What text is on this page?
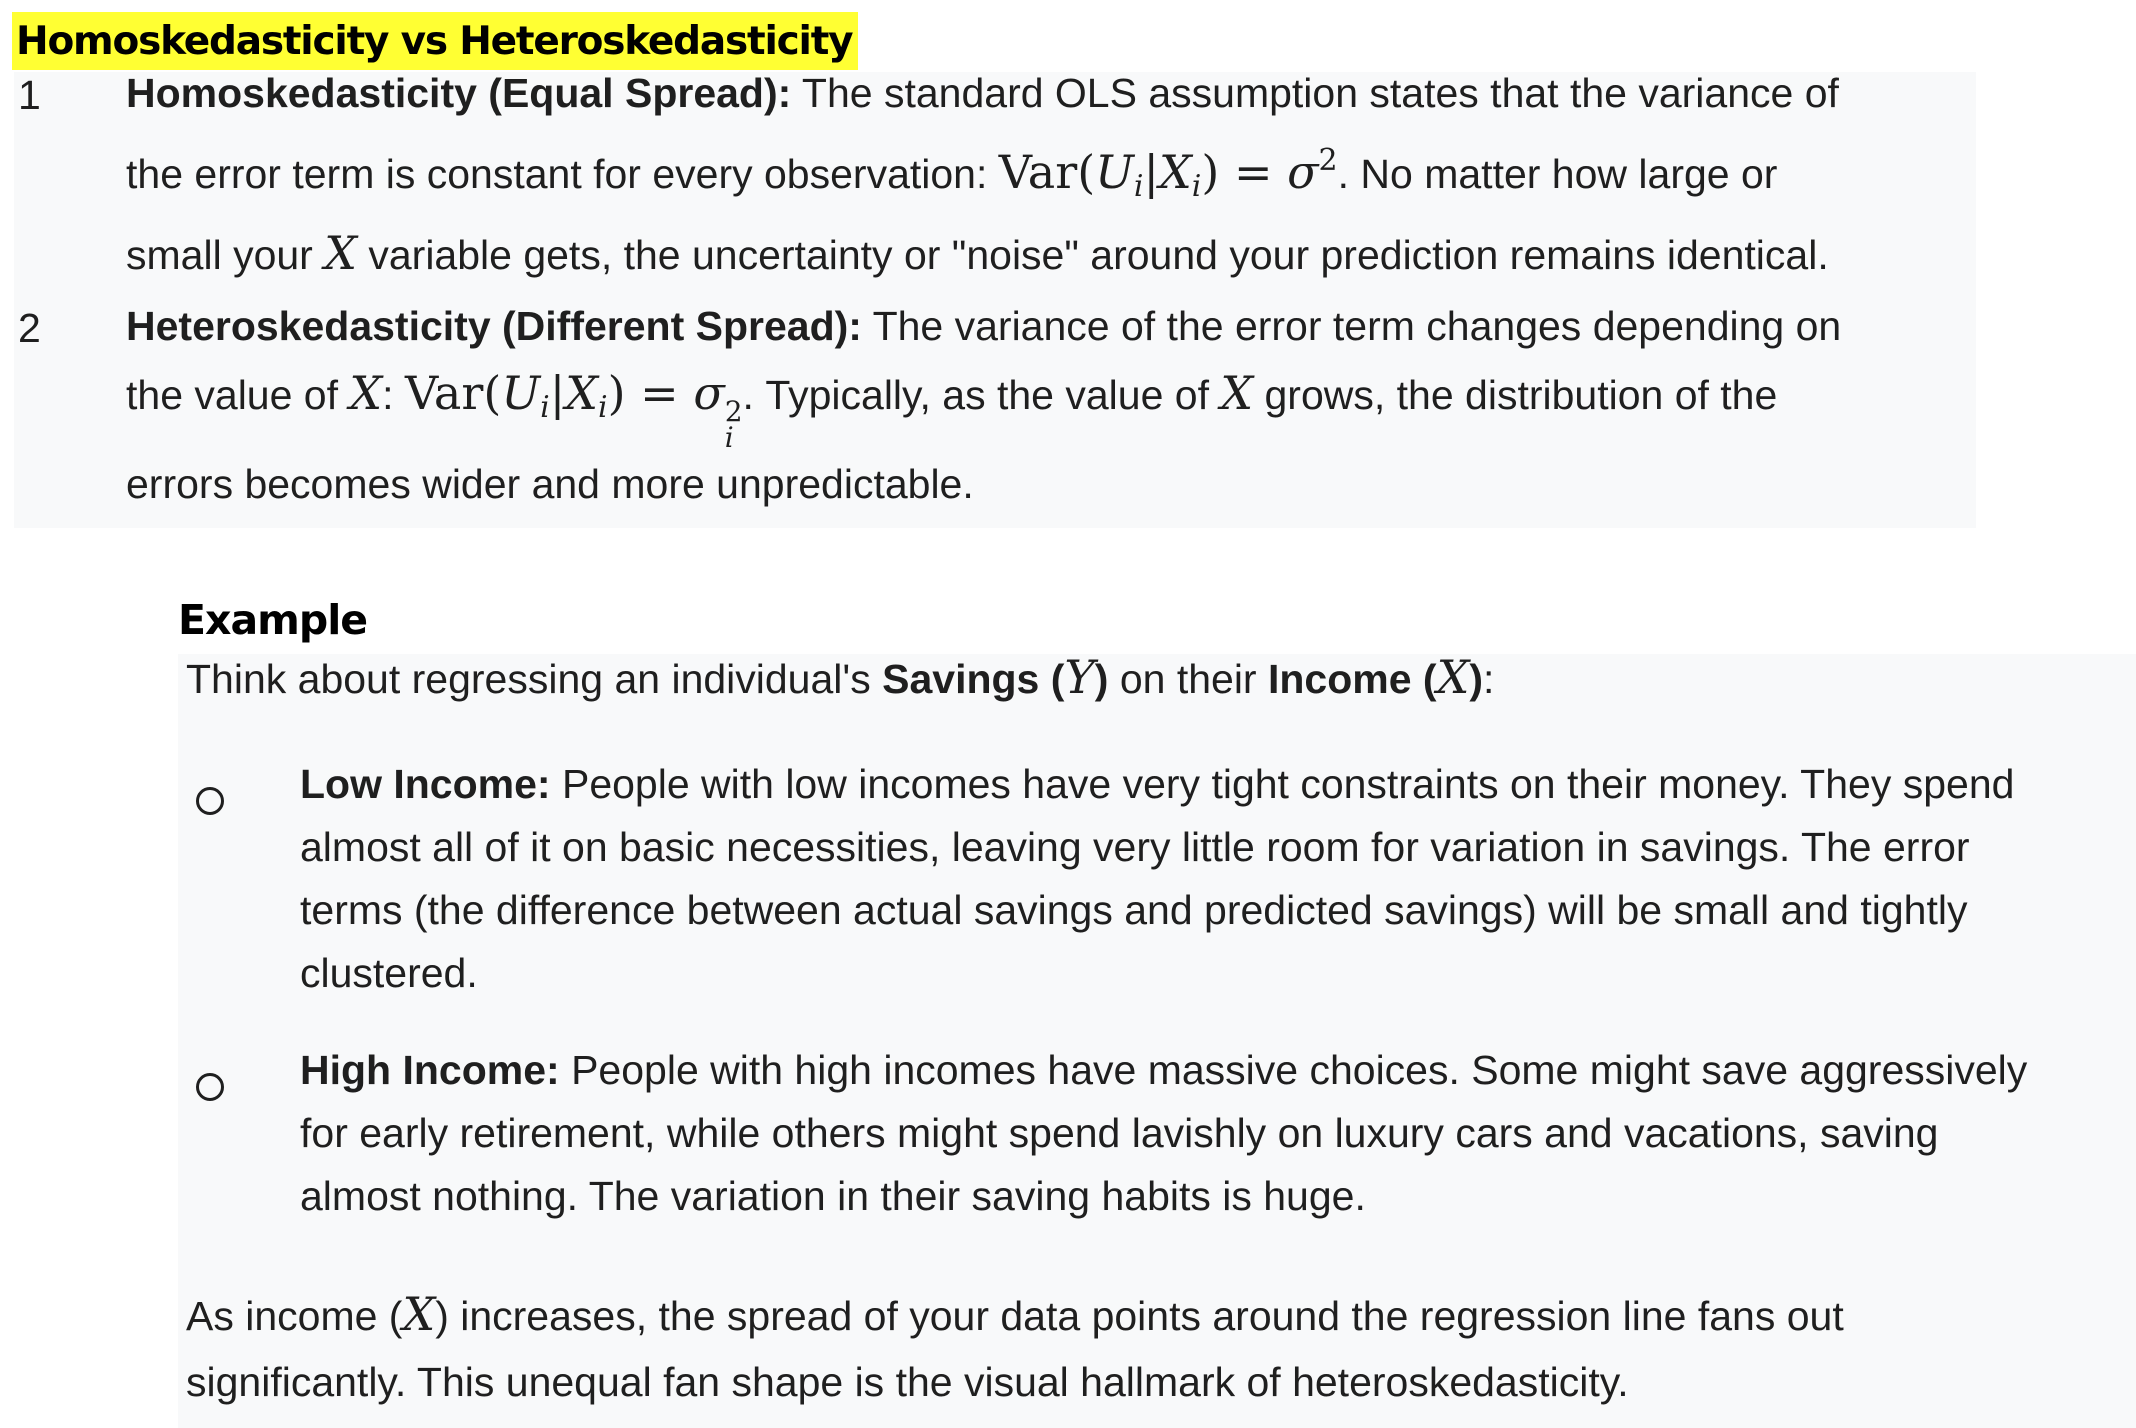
Homoskedasticity vs Heteroskedasticity
1 Homoskedasticity (Equal Spread): The standard OLS assumption states that the variance of
the error term is constant for every observation: $Var(U_i|X_i) = \sigma^2$. No matter how large or
small your X variable gets, the uncertainty or "noise" around your prediction remains identical.
2 Heteroskedasticity (Different Spread): The variance of the error term changes depending on
the value of X: $Var(U_i|X_i) = \sigma$ 2
i
. Typically, as the value of X grows, the distribution of the
errors becomes wider and more unpredictable.
Example
Think about regressing an individual's Savings (Y) on their Income (X):
Low Income: People with low incomes have very tight constraints on their money. They spend
almost all of it on basic necessities, leaving very little room for variation in savings. The error
terms (the difference between actual savings and predicted savings) will be small and tightly
clustered.
High Income: People with high incomes have massive choices. Some might save aggressively
for early retirement, while others might spend lavishly on luxury cars and vacations, saving
almost nothing. The variation in their saving habits is huge.
As income (X) increases, the spread of your data points around the regression line fans out
significantly. This unequal fan shape is the visual hallmark of heteroskedasticity.
